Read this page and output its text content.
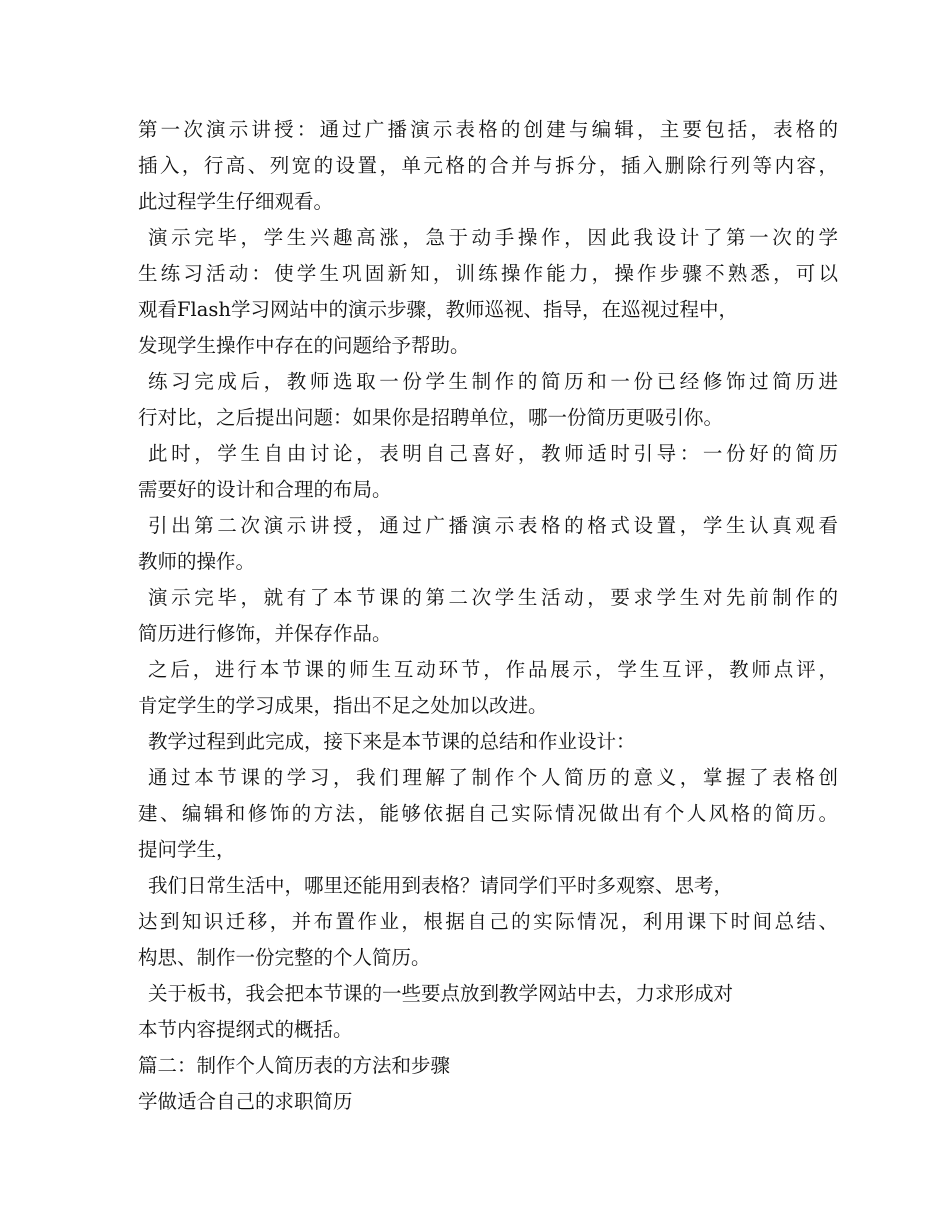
第一次演示讲授：通过广播演示表格的创建与编辑，主要包括，表格的
插入，行高、列宽的设置，单元格的合并与拆分，插入删除行列等内容，
此过程学生仔细观看。
演示完毕，学生兴趣高涨，急于动手操作，因此我设计了第一次的学
生练习活动：使学生巩固新知，训练操作能力，操作步骤不熟悉，可以
观看Flash学习网站中的演示步骤，教师巡视、指导，在巡视过程中，
发现学生操作中存在的问题给予帮助。
练习完成后，教师选取一份学生制作的简历和一份已经修饰过简历进
行对比，之后提出问题：如果你是招聘单位，哪一份简历更吸引你。
此时，学生自由讨论，表明自己喜好，教师适时引导：一份好的简历
需要好的设计和合理的布局。
引出第二次演示讲授，通过广播演示表格的格式设置，学生认真观看
教师的操作。
演示完毕，就有了本节课的第二次学生活动，要求学生对先前制作的
简历进行修饰，并保存作品。
之后，进行本节课的师生互动环节，作品展示，学生互评，教师点评，
肯定学生的学习成果，指出不足之处加以改进。
教学过程到此完成，接下来是本节课的总结和作业设计：
通过本节课的学习，我们理解了制作个人简历的意义，掌握了表格创
建、编辑和修饰的方法，能够依据自己实际情况做出有个人风格的简历。
提问学生，
我们日常生活中，哪里还能用到表格？请同学们平时多观察、思考，
达到知识迁移，并布置作业，根据自己的实际情况，利用课下时间总结、
构思、制作一份完整的个人简历。
关于板书，我会把本节课的一些要点放到教学网站中去，力求形成对
本节内容提纲式的概括。
篇二：制作个人简历表的方法和步骤
学做适合自己的求职简历
